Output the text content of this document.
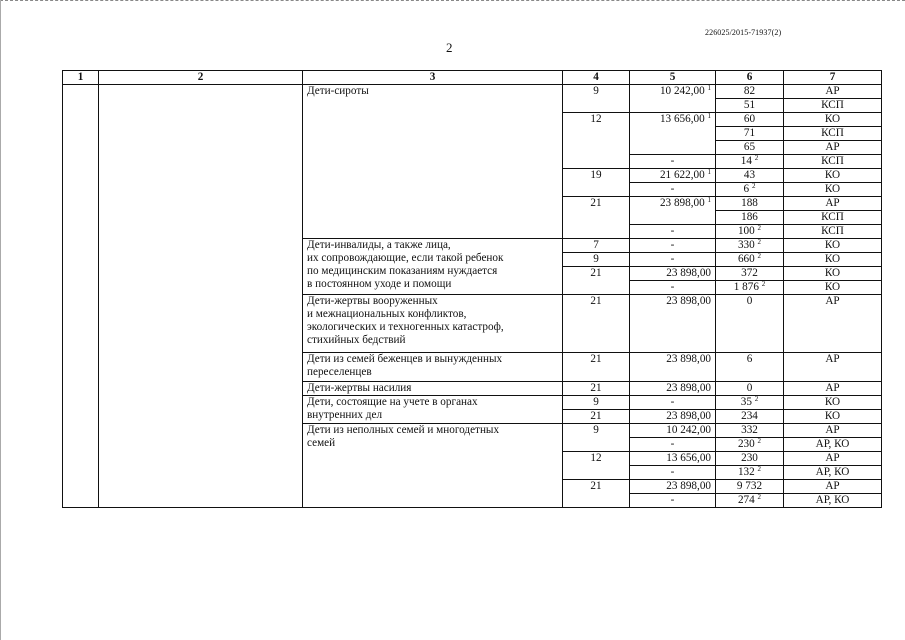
226025/2015-71937(2)
2
1	2	3	4	5	6	7
		Дети-сироты	9	10 242,00 $^1$	82	АР
					51	КСП
			12	13 656,00 $^1$	60	КО
					71	КСП
					65	АР
				-	14 $^2$	КСП
			19	21 622,00 $^1$	43	КО
				-	6 $^2$	КО
			21	23 898,00 $^1$	188	АР
					186	КСП
				-	100 $^2$	КСП

		Дети-инвалиды, а также лица,
их сопровождающие, если такой ребенок
по медицинским показаниям нуждается
в постоянном уходе и помощи	7	-	330 $^2$	КО
			9	-	660 $^2$	КО
			21	23 898,00	372	КО
				-	1 876 $^2$	КО

		Дети-жертвы вооруженных
и межнациональных конфликтов,
экологических и техногенных катастроф,
стихийных бедствий	21	23 898,00	0	АР

		Дети из семей беженцев и вынужденных
переселенцев	21	23 898,00	6	АР
		Дети-жертвы насилия	21	23 898,00	0	АР

		Дети, состоящие на учете в органах
внутренних дел	9	-	35 $^2$	КО
			21	23 898,00	234	КО

		Дети из неполных семей и многодетных
семей	9	10 242,00	332	АР
				-	230 $^2$	АР, КО
			12	13 656,00	230	АР
				-	132 $^2$	АР, КО
			21	23 898,00	9 732	АР
				-	274 $^2$	АР, КО
